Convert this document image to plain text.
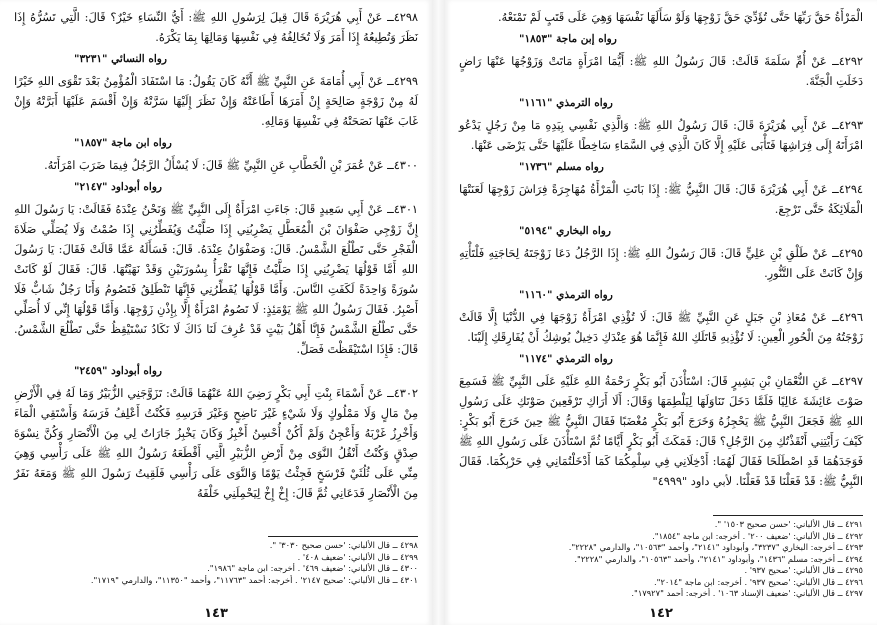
٤٢٩٨ــ عَنْ أَبِي هُرَيْرَةَ قَالَ قِيلَ لِرَسُولِ اللهِ ﷺ: أَيُّ النِّسَاءِ خَيْرٌ؟ قَالَ: الَّتِي تَسُرُّهُ إِذَا نَظَرَ وَتُطِيعُهُ إِذَا أَمَرَ وَلَا تُخَالِفُهُ فِي نَفْسِهَا وَمَالِهَا بِمَا يَكْرَهُ.

رواه النسائي "٣٢٣١"

٤٢٩٩ــ عَنْ أَبِي أُمَامَةَ عَنِ النَّبِيِّ ﷺ أَنَّهُ كَانَ يَقُولُ: مَا اسْتَفَادَ الْمُؤْمِنُ بَعْدَ تَقْوَى اللهِ خَيْرًا لَهُ مِنْ زَوْجَةٍ صَالِحَةٍ إِنْ أَمَرَهَا أَطَاعَتْهُ وَإِنْ نَظَرَ إِلَيْهَا سَرَّتْهُ وَإِنْ أَقْسَمَ عَلَيْهَا أَبَرَّتْهُ وَإِنْ غَابَ عَنْهَا نَصَحَتْهُ فِي نَفْسِهَا وَمَالِهِ.

رواه ابن ماجة "١٨٥٧"

٤٣٠٠ــ عَنْ عُمَرَ بْنِ الْخَطَّابِ عَنِ النَّبِيِّ ﷺ قَالَ: لَا يُسْأَلُ الرَّجُلُ فِيمَا ضَرَبَ امْرَأَتَهُ.

رواه أبوداود "٢١٤٧"

٤٣٠١ــ عَنْ أَبِي سَعِيدٍ قَالَ: جَاءَتِ امْرَأَةٌ إِلَى النَّبِيِّ ﷺ وَنَحْنُ عِنْدَهُ فَقَالَتْ: يَا رَسُولَ اللهِ إِنَّ زَوْجِي صَفْوَانَ بْنَ الْمُعَطَّلِ يَضْرِبُنِي إِذَا صَلَّيْتُ وَيُفَطِّرُنِي إِذَا صُمْتُ وَلَا يُصَلِّي صَلَاةَ الْفَجْرِ حَتَّى تَطْلُعَ الشَّمْسُ. قَالَ: وَصَفْوَانُ عِنْدَهُ. قَالَ: فَسَأَلَهُ عَمَّا قَالَتْ فَقَالَ: يَا رَسُولَ اللهِ أَمَّا قَوْلُهَا يَضْرِبُنِي إِذَا صَلَّيْتُ فَإِنَّهَا تَقْرَأُ بِسُورَتَيْنِ وَقَدْ نَهَيْتُهَا. قَالَ: فَقَالَ لَوْ كَانَتْ سُورَةً وَاحِدَةً لَكَفَتِ النَّاسَ. وَأَمَّا قَوْلُهَا يُفَطِّرُنِي فَإِنَّهَا تَنْطَلِقُ فَتَصُومُ وَأَنَا رَجُلٌ شَابٌّ فَلَا أَصْبِرُ. فَقَالَ رَسُولُ اللهِ ﷺ يَوْمَئِذٍ: لَا تَصُومُ امْرَأَةٌ إِلَّا بِإِذْنِ زَوْجِهَا. وَأَمَّا قَوْلُهَا إِنِّي لَا أُصَلِّي حَتَّى تَطْلُعَ الشَّمْسُ فَإِنَّا أَهْلُ بَيْتٍ قَدْ عُرِفَ لَنَا ذَاكَ لَا نَكَادُ نَسْتَيْقِظُ حَتَّى تَطْلُعَ الشَّمْسُ. قَالَ: فَإِذَا اسْتَيْقَظْتَ فَصَلِّ.

رواه أبوداود "٢٤٥٩"

٤٣٠٢ــ عَنْ أَسْمَاءَ بِنْتِ أَبِي بَكْرٍ رَضِيَ اللهُ عَنْهُمَا قَالَتْ: تَزَوَّجَنِي الزُّبَيْرُ وَمَا لَهُ فِي الْأَرْضِ مِنْ مَالٍ وَلَا مَمْلُوكٍ وَلَا شَيْءٍ غَيْرَ نَاضِحٍ وَغَيْرَ فَرَسِهِ فَكُنْتُ أَعْلِفُ فَرَسَهُ وَأَسْتَقِي الْمَاءَ وَأَخْرِزُ غَرْبَهُ وَأَعْجِنُ وَلَمْ أَكُنْ أُحْسِنُ أَخْبِزُ وَكَانَ يَخْبِزُ جَارَاتٌ لِي مِنَ الْأَنْصَارِ وَكُنَّ نِسْوَةَ صِدْقٍ وَكُنْتُ أَنْقُلُ النَّوَى مِنْ أَرْضِ الزُّبَيْرِ الَّتِي أَقْطَعَهُ رَسُولُ اللهِ ﷺ عَلَى رَأْسِي وَهِيَ مِنِّي عَلَى ثُلُثَيْ فَرْسَخٍ فَجِئْتُ يَوْمًا وَالنَّوَى عَلَى رَأْسِي فَلَقِيتُ رَسُولَ اللهِ ﷺ وَمَعَهُ نَفَرٌ مِنَ الْأَنْصَارِ فَدَعَانِي ثُمَّ قَالَ: إِخْ إِخْ لِيَحْمِلَنِي خَلْفَهُ

٤٢٩٨ ــ قال الألباني: 'حسن صحيح ٣٠٣٠' ".

٤٢٩٩ ــ قال الألباني: 'ضعيف ٤٠٨' .

٤٣٠٠ ــ قال الألباني: 'ضعيف ٤٦٩' . أخرجه: ابن ماجة "١٩٨٦".

٤٣٠١ ــ قال الألباني: 'صحيح ٢١٤٧' . أخرجه: أحمد "١١٧٦٣"، وأحمد "١١٣٥٠"، والدارمي "١٧١٩".

١٤٣

الْمَرْأَةُ حَقَّ رَبِّهَا حَتَّى تُؤَدِّيَ حَقَّ زَوْجِهَا وَلَوْ سَأَلَهَا نَفْسَهَا وَهِيَ عَلَى قَتَبٍ لَمْ تَمْنَعْهُ.

رواه إبن ماجة "١٨٥٣"

٤٢٩٢ــ عَنْ أُمِّ سَلَمَةَ قَالَتْ: قَالَ رَسُولُ اللهِ ﷺ: أَيُّمَا امْرَأَةٍ مَاتَتْ وَزَوْجُهَا عَنْهَا رَاضٍ دَخَلَتِ الْجَنَّةَ.

رواه الترمذي "١١٦١"

٤٢٩٣ــ عَنْ أَبِي هُرَيْرَةَ قَالَ: قَالَ رَسُولُ اللهِ ﷺ: وَالَّذِي نَفْسِي بِيَدِهِ مَا مِنْ رَجُلٍ يَدْعُو امْرَأَتَهُ إِلَى فِرَاشِهَا فَتَأْبَى عَلَيْهِ إِلَّا كَانَ الَّذِي فِي السَّمَاءِ سَاخِطًا عَلَيْهَا حَتَّى يَرْضَى عَنْهَا.

رواه مسلم "١٧٣٦"

٤٢٩٤ــ عَنْ أَبِي هُرَيْرَةَ قَالَ: قَالَ النَّبِيُّ ﷺ: إِذَا بَاتَتِ الْمَرْأَةُ مُهَاجِرَةً فِرَاشَ زَوْجِهَا لَعَنَتْهَا الْمَلَائِكَةُ حَتَّى تَرْجِعَ.

رواه البخاري "٥١٩٤"

٤٢٩٥ــ عَنْ طَلْقِ بْنِ عَلِيٍّ قَالَ: قَالَ رَسُولُ اللهِ ﷺ: إِذَا الرَّجُلُ دَعَا زَوْجَتَهُ لِحَاجَتِهِ فَلْتَأْتِهِ وَإِنْ كَانَتْ عَلَى التَّنُّورِ.

رواه الترمذي "١١٦٠"

٤٢٩٦ــ عَنْ مُعَاذِ بْنِ جَبَلٍ عَنِ النَّبِيِّ ﷺ قَالَ: لَا تُؤْذِي امْرَأَةٌ زَوْجَهَا فِي الدُّنْيَا إِلَّا قَالَتْ زَوْجَتُهُ مِنَ الْحُورِ الْعِينِ: لَا تُؤْذِيهِ قَاتَلَكِ اللهُ فَإِنَّمَا هُوَ عِنْدَكِ دَخِيلٌ يُوشِكُ أَنْ يُفَارِقَكِ إِلَيْنَا.

رواه الترمذي "١١٧٤"

٤٢٩٧ــ عَنِ النُّعْمَانِ بْنِ بَشِيرٍ قَالَ: اسْتَأْذَنَ أَبُو بَكْرٍ رَحْمَةُ اللهِ عَلَيْهِ عَلَى النَّبِيِّ ﷺ فَسَمِعَ صَوْتَ عَائِشَةَ عَالِيًا فَلَمَّا دَخَلَ تَنَاوَلَهَا لِيَلْطِمَهَا وَقَالَ: أَلَا أَرَاكِ تَرْفَعِينَ صَوْتَكِ عَلَى رَسُولِ اللهِ ﷺ فَجَعَلَ النَّبِيُّ ﷺ يَحْجِزُهُ وَخَرَجَ أَبُو بَكْرٍ مُغْضَبًا فَقَالَ النَّبِيُّ ﷺ حِينَ خَرَجَ أَبُو بَكْرٍ: كَيْفَ رَأَيْتِنِي أَنْقَذْتُكِ مِنَ الرَّجُلِ؟ قَالَ: فَمَكَثَ أَبُو بَكْرٍ أَيَّامًا ثُمَّ اسْتَأْذَنَ عَلَى رَسُولِ اللهِ ﷺ فَوَجَدَهُمَا قَدِ اصْطَلَحَا فَقَالَ لَهُمَا: أَدْخِلَانِي فِي سِلْمِكُمَا كَمَا أَدْخَلْتُمَانِي فِي حَرْبِكُمَا. فَقَالَ النَّبِيُّ ﷺ: قَدْ فَعَلْنَا قَدْ فَعَلْنَا. لأبي داود "٤٩٩٩"

٤٢٩١ ــ قال الألباني: 'حسن صحيح ١٥٠٣' ".

٤٢٩٢ ــ قال الألباني: 'ضعيف ٢٠٠' . أخرجه: ابن ماجة "١٨٥٤".

٤٢٩٣ ــ أخرجه: البخاري "٣٢٣٧"، وأبوداود "٢١٤١"، وأحمد "١٠٥٦٣"، والدارمي "٢٢٢٨".

٤٢٩٤ ــ أخرجه: مسلم "١٤٣٦"، وأبوداود "٢١٤١"، وأحمد "١٠٥٦٣"، والدارمي "٢٢٢٨".

٤٢٩٥ ــ قال الألباني: 'صحيح ٩٣٧' .

٤٢٩٦ ــ قال الألباني: 'صحيح ٩٣٧' . أخرجه: ابن ماجة "٢٠١٤".

٤٢٩٧ ــ قال الألباني: 'ضعيف الإسناد ١٠٦٣' . أخرجه: أحمد "١٧٩٢٧".

١٤٢
